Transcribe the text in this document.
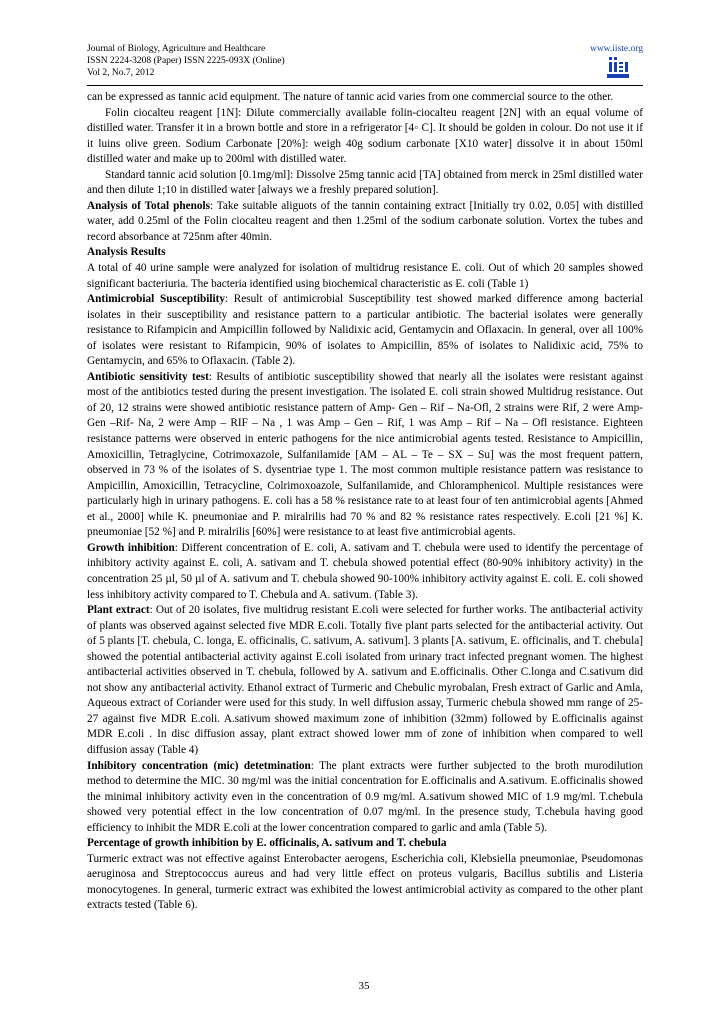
Journal of Biology, Agriculture and Healthcare
ISSN 2224-3208 (Paper) ISSN 2225-093X (Online)
Vol 2, No.7, 2012
www.iiste.org

can be expressed as tannic acid equipment. The nature of tannic acid varies from one commercial source to the other.

Folin ciocalteu reagent [1N]: Dilute commercially available folin-ciocalteu reagent [2N] with an equal volume of distilled water. Transfer it in a brown bottle and store in a refrigerator [4◦ C]. It should be golden in colour. Do not use it if it luins olive green. Sodium Carbonate [20%]: weigh 40g sodium carbonate [X10 water] dissolve it in about 150ml distilled water and make up to 200ml with distilled water.

Standard tannic acid solution [0.1mg/ml]: Dissolve 25mg tannic acid [TA] obtained from merck in 25ml distilled water and then dilute 1;10 in distilled water [always we a freshly prepared solution].

Analysis of Total phenols: Take suitable aliguots of the tannin containing extract [Initially try 0.02, 0.05] with distilled water, add 0.25ml of the Folin ciocalteu reagent and then 1.25ml of the sodium carbonate solution. Vortex the tubes and record absorbance at 725nm after 40min.

Analysis Results

A total of 40 urine sample were analyzed for isolation of multidrug resistance E. coli. Out of which 20 samples showed significant bacteriuria. The bacteria identified using biochemical characteristic as E. coli (Table 1)

Antimicrobial Susceptibility: Result of antimicrobial Susceptibility test showed marked difference among bacterial isolates in their susceptibility and resistance pattern to a particular antibiotic. The bacterial isolates were generally resistance to Rifampicin and Ampicillin followed by Nalidixic acid, Gentamycin and Oflaxacin. In general, over all 100% of isolates were resistant to Rifampicin, 90% of isolates to Ampicillin, 85% of isolates to Nalidixic acid, 75% to Gentamycin, and 65% to Oflaxacin. (Table 2).

Antibiotic sensitivity test: Results of antibiotic susceptibility showed that nearly all the isolates were resistant against most of the antibiotics tested during the present investigation. The isolated E. coli strain showed Multidrug resistance. Out of 20, 12 strains were showed antibiotic resistance pattern of Amp- Gen – Rif – Na-Ofl, 2 strains were Rif, 2 were Amp- Gen –Rif- Na, 2 were Amp – RIF – Na , 1 was Amp – Gen – Rif, 1 was Amp – Rif – Na – Ofl resistance. Eighteen resistance patterns were observed in enteric pathogens for the nice antimicrobial agents tested. Resistance to Ampicillin, Amoxicillin, Tetraglycine, Cotrimoxazole, Sulfanilamide [AM – AL – Te – SX – Su] was the most frequent pattern, observed in 73 % of the isolates of S. dysentriae type 1. The most common multiple resistance pattern was resistance to Ampicillin, Amoxicillin, Tetracycline, Colrimoxoazole, Sulfanilamide, and Chloramphenicol. Multiple resistances were particularly high in urinary pathogens. E. coli has a 58 % resistance rate to at least four of ten antimicrobial agents [Ahmed et al., 2000] while K. pneumoniae and P. miralrilis had 70 % and 82 % resistance rates respectively. E.coli [21 %] K. pneumoniae [52 %] and P. miralrilis [60%] were resistance to at least five antimicrobial agents.

Growth inhibition: Different concentration of E. coli, A. sativam and T. chebula were used to identify the percentage of inhibitory activity against E. coli, A. sativam and T. chebula showed potential effect (80-90% inhibitory activity) in the concentration 25 µl, 50 µl of A. sativum and T. chebula showed 90-100% inhibitory activity against E. coli. E. coli showed less inhibitory activity compared to T. Chebula and A. sativum. (Table 3).

Plant extract: Out of 20 isolates, five multidrug resistant E.coli were selected for further works. The antibacterial activity of plants was observed against selected five MDR E.coli. Totally five plant parts selected for the antibacterial activity. Out of 5 plants [T. chebula, C. longa, E. officinalis, C. sativum, A. sativum]. 3 plants [A. sativum, E. officinalis, and T. chebula] showed the potential antibacterial activity against E.coli isolated from urinary tract infected pregnant women. The highest antibacterial activities observed in T. chebula, followed by A. sativum and E.officinalis. Other C.longa and C.sativum did not show any antibacterial activity. Ethanol extract of Turmeric and Chebulic myrobalan, Fresh extract of Garlic and Amla, Aqueous extract of Coriander were used for this study. In well diffusion assay, Turmeric chebula showed mm range of 25-27 against five MDR E.coli. A.sativum showed maximum zone of inhibition (32mm) followed by E.officinalis against MDR E.coli . In disc diffusion assay, plant extract showed lower mm of zone of inhibition when compared to well diffusion assay (Table 4)

Inhibitory concentration (mic) detetmination: The plant extracts were further subjected to the broth murodilution method to determine the MIC. 30 mg/ml was the initial concentration for E.officinalis and A.sativum. E.officinalis showed the minimal inhibitory activity even in the concentration of 0.9 mg/ml. A.sativum showed MIC of 1.9 mg/ml. T.chebula showed very potential effect in the low concentration of 0.07 mg/ml. In the presence study, T.chebula having good efficiency to inhibit the MDR E.coli at the lower concentration compared to garlic and amla (Table 5).

Percentage of growth inhibition by E. officinalis, A. sativum and T. chebula

Turmeric extract was not effective against Enterobacter aerogens, Escherichia coli, Klebsiella pneumoniae, Pseudomonas aeruginosa and Streptococcus aureus and had very little effect on proteus vulgaris, Bacillus subtilis and Listeria monocytogenes. In general, turmeric extract was exhibited the lowest antimicrobial activity as compared to the other plant extracts tested (Table 6).

35
